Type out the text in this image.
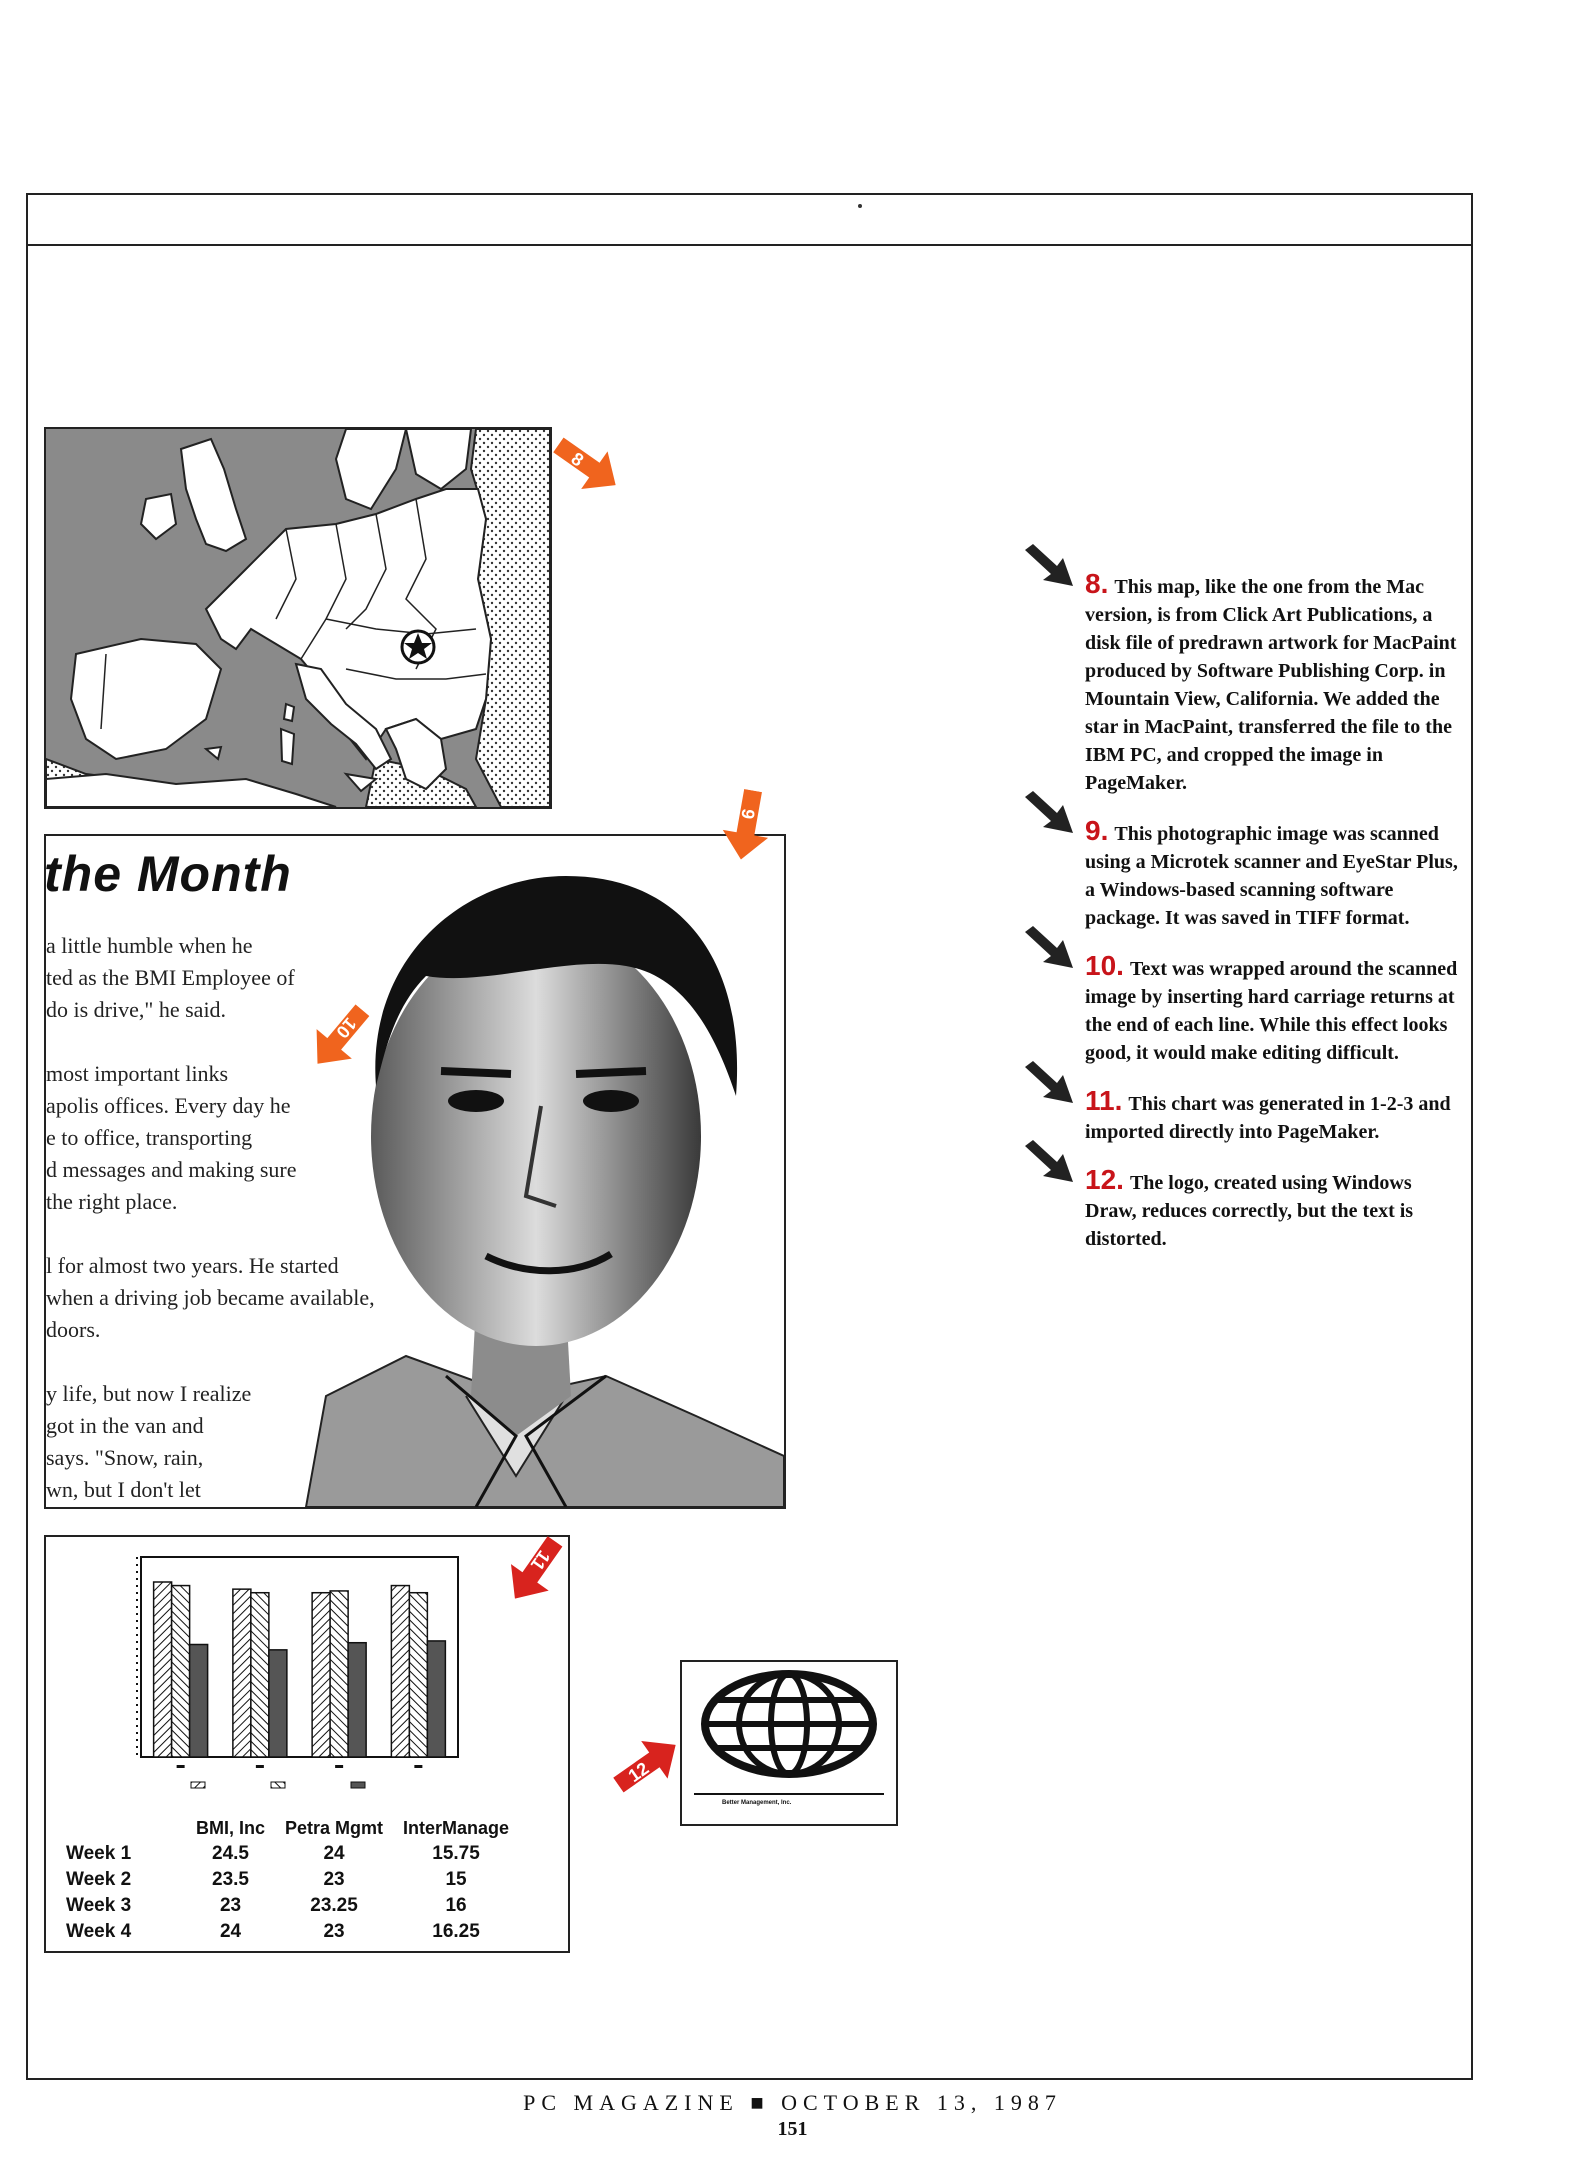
the Month
a little humble when he
ted as the BMI Employee of
do is drive," he said.
most important links
apolis offices. Every day he
e to office, transporting
d messages and making sure
the right place.
l for almost two years. He started
when a driving job became available,
doors.
y life, but now I realize
got in the van and
says. "Snow, rain,
wn, but I don't let
	BMI, Inc	Petra Mgmt	InterManage
Week 1	24.5	24	15.75
Week 2	23.5	23	15
Week 3	23	23.25	16
Week 4	24	23	16.25
Better Management, Inc.
8
9
10
11
12
8. This map, like the one from the Mac version, is from Click Art Publications, a disk file of predrawn artwork for MacPaint produced by Software Publishing Corp. in Mountain View, California. We added the star in MacPaint, transferred the file to the IBM PC, and cropped the image in PageMaker.
9. This photographic image was scanned using a Microtek scanner and EyeStar Plus, a Windows-based scanning software package. It was saved in TIFF format.
10. Text was wrapped around the scanned image by inserting hard carriage returns at the end of each line. While this effect looks good, it would make editing difficult.
11. This chart was generated in 1-2-3 and imported directly into PageMaker.
12. The logo, created using Windows Draw, reduces correctly, but the text is distorted.
PC MAGAZINE ■ OCTOBER 13, 1987
151
